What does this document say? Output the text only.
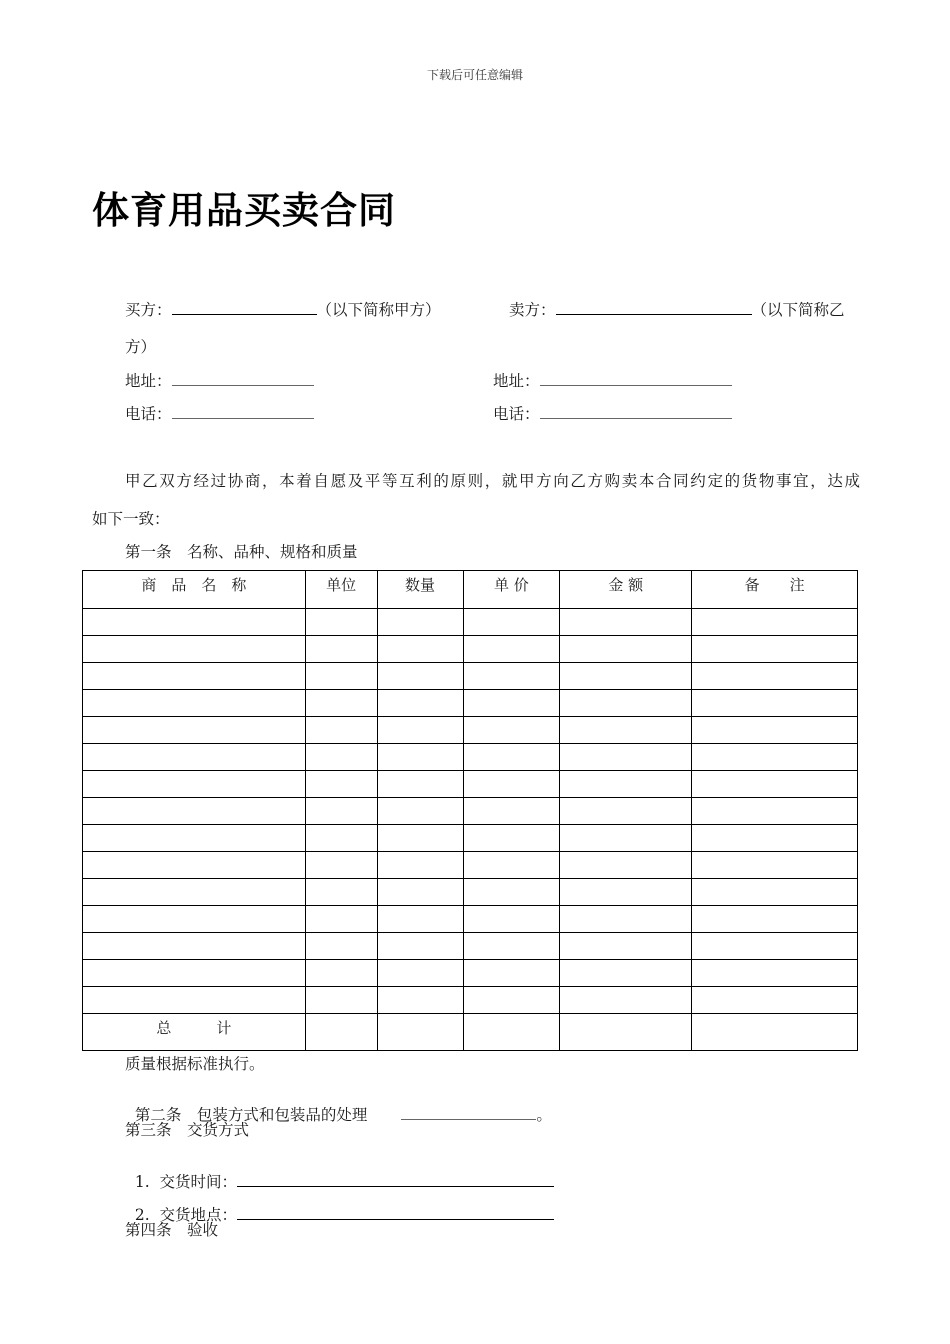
下载后可任意编辑
体育用品买卖合同
买方：	（以下简称甲方）	卖方：	（以下简称乙
方）
地址：	地址：
电话：	电话：
甲乙双方经过协商，本着自愿及平等互利的原则，就甲方向乙方购卖本合同约定的货物事宜，达成
如下一致：
第一条　名称、品种、规格和质量
商　品　名　称	单位	数量	单 价	金 额	备　　注

总　　　计					
质量根据标准执行。

第二条　包装方式和包装品的处理	。

第三条　交货方式

1.  交货时间：

2.  交货地点：

第四条　验收
